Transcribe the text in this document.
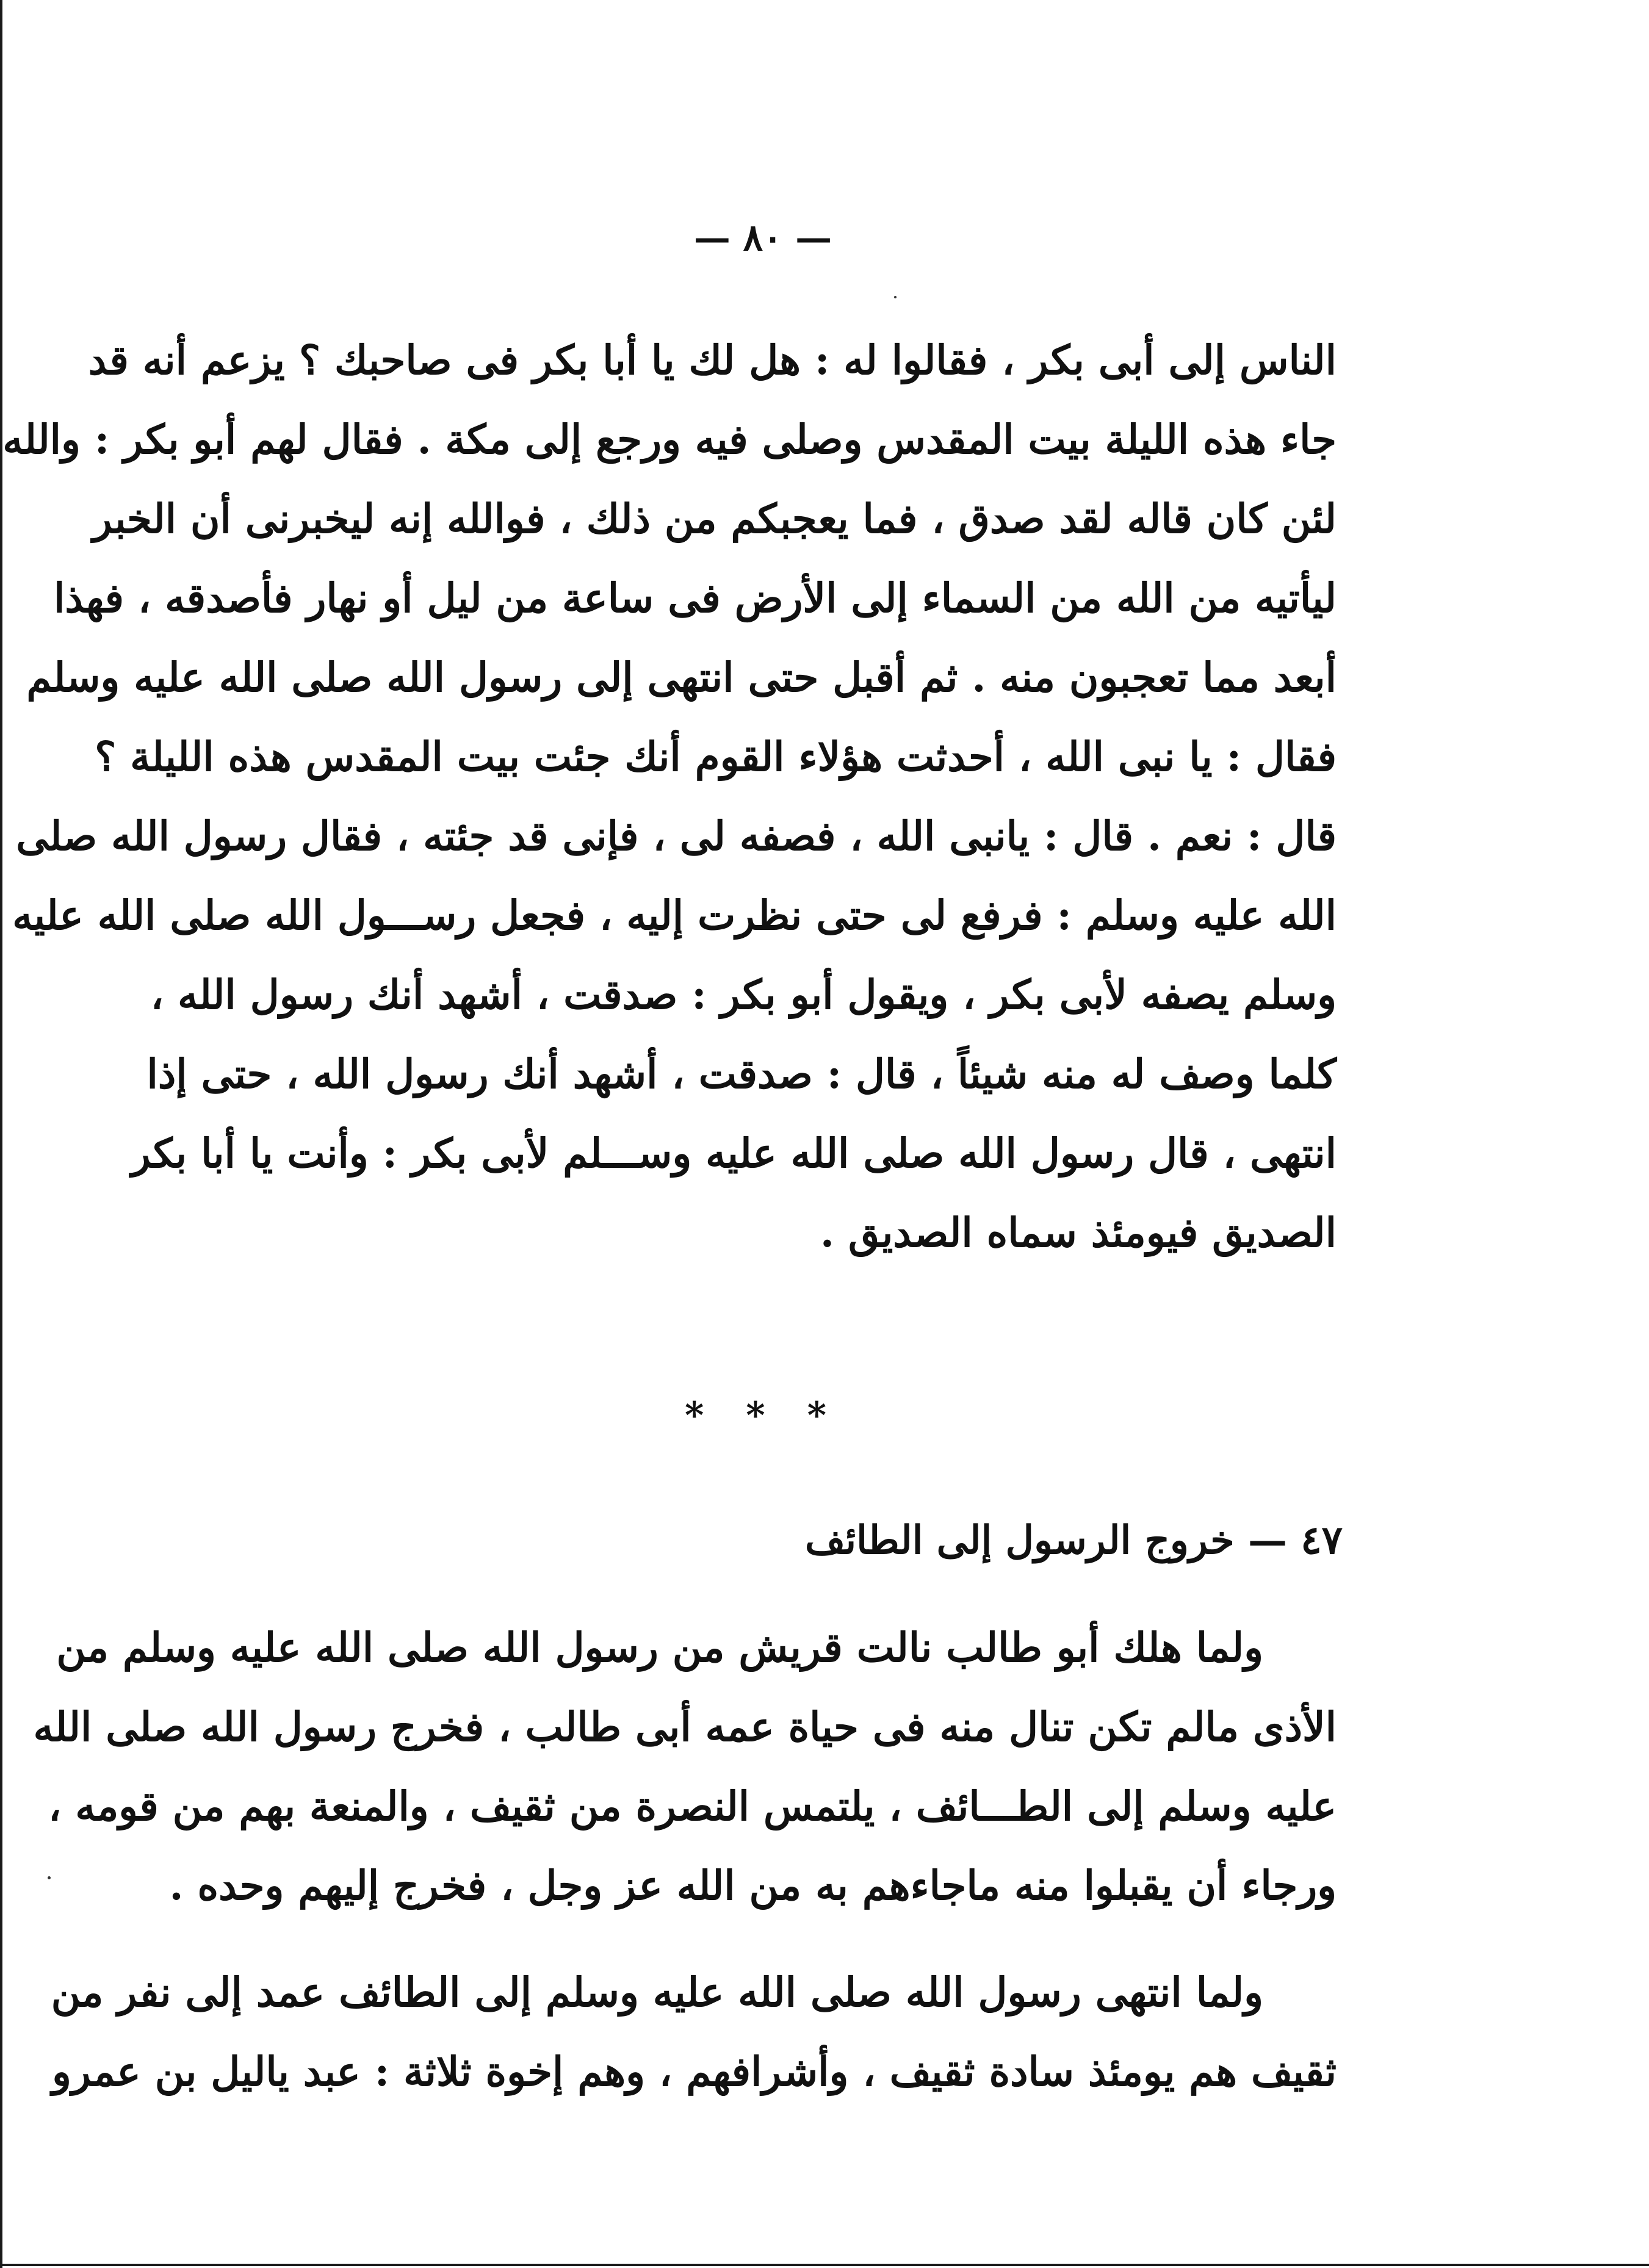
— ٨٠ —
الناس إلى أبى بكر ، فقالوا له : هل لك يا أبا بكر فى صاحبك ؟ يزعم أنه قد
جاء هذه الليلة بيت المقدس وصلى فيه ورجع إلى مكة . فقال لهم أبو بكر : والله
لئن كان قاله لقد صدق ، فما يعجبكم من ذلك ، فوالله إنه ليخبرنى أن الخبر
ليأتيه من الله من السماء إلى الأرض فى ساعة من ليل أو نهار فأصدقه ، فهذا
أبعد مما تعجبون منه . ثم أقبل حتى انتهى إلى رسول الله صلى الله عليه وسلم
فقال : يا نبى الله ، أحدثت هؤلاء القوم أنك جئت بيت المقدس هذه الليلة ؟
قال : نعم . قال : يانبى الله ، فصفه لى ، فإنى قد جئته ، فقال رسول الله صلى
الله عليه وسلم : فرفع لى حتى نظرت إليه ، فجعل رســـول الله صلى الله عليه
وسلم يصفه لأبى بكر ، ويقول أبو بكر : صدقت ، أشهد أنك رسول الله ،
كلما وصف له منه شيئاً ، قال : صدقت ، أشهد أنك رسول الله ، حتى إذا
انتهى ، قال رسول الله صلى الله عليه وســـلم لأبى بكر : وأنت يا أبا بكر
الصديق فيومئذ سماه الصديق .
* * *
٤٧ — خروج الرسول إلى الطائف
ولما هلك أبو طالب نالت قريش من رسول الله صلى الله عليه وسلم من
الأذى مالم تكن تنال منه فى حياة عمه أبى طالب ، فخرج رسول الله صلى الله
عليه وسلم إلى الطـــائف ، يلتمس النصرة من ثقيف ، والمنعة بهم من قومه ،
ورجاء أن يقبلوا منه ماجاءهم به من الله عز وجل ، فخرج إليهم وحده .
ولما انتهى رسول الله صلى الله عليه وسلم إلى الطائف عمد إلى نفر من
ثقيف هم يومئذ سادة ثقيف ، وأشرافهم ، وهم إخوة ثلاثة : عبد ياليل بن عمرو
